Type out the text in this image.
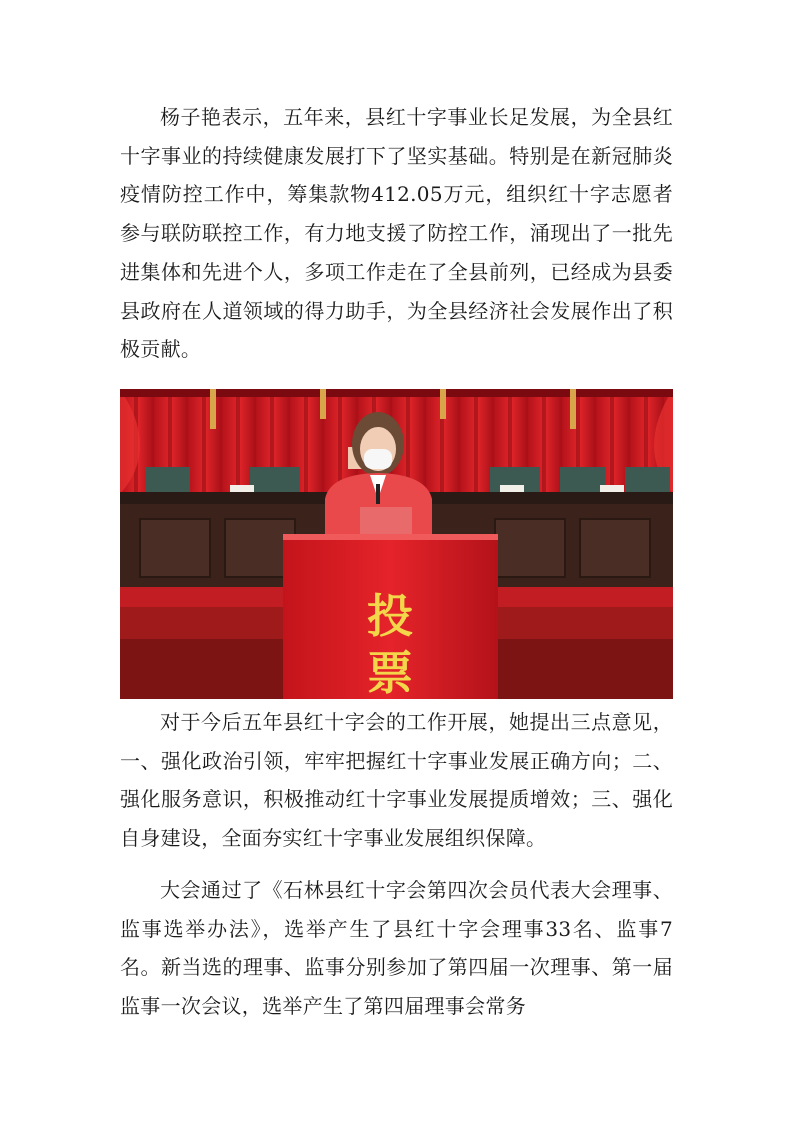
杨子艳表示，五年来，县红十字事业长足发展，为全县红十字事业的持续健康发展打下了坚实基础。特别是在新冠肺炎疫情防控工作中，筹集款物412.05万元，组织红十字志愿者参与联防联控工作，有力地支援了防控工作，涌现出了一批先进集体和先进个人，多项工作走在了全县前列，已经成为县委县政府在人道领域的得力助手，为全县经济社会发展作出了积极贡献。

投
票

对于今后五年县红十字会的工作开展，她提出三点意见，一、强化政治引领，牢牢把握红十字事业发展正确方向；二、强化服务意识，积极推动红十字事业发展提质增效；三、强化自身建设，全面夯实红十字事业发展组织保障。

大会通过了《石林县红十字会第四次会员代表大会理事、监事选举办法》，选举产生了县红十字会理事33名、监事7名。新当选的理事、监事分别参加了第四届一次理事、第一届监事一次会议，选举产生了第四届理事会常务
